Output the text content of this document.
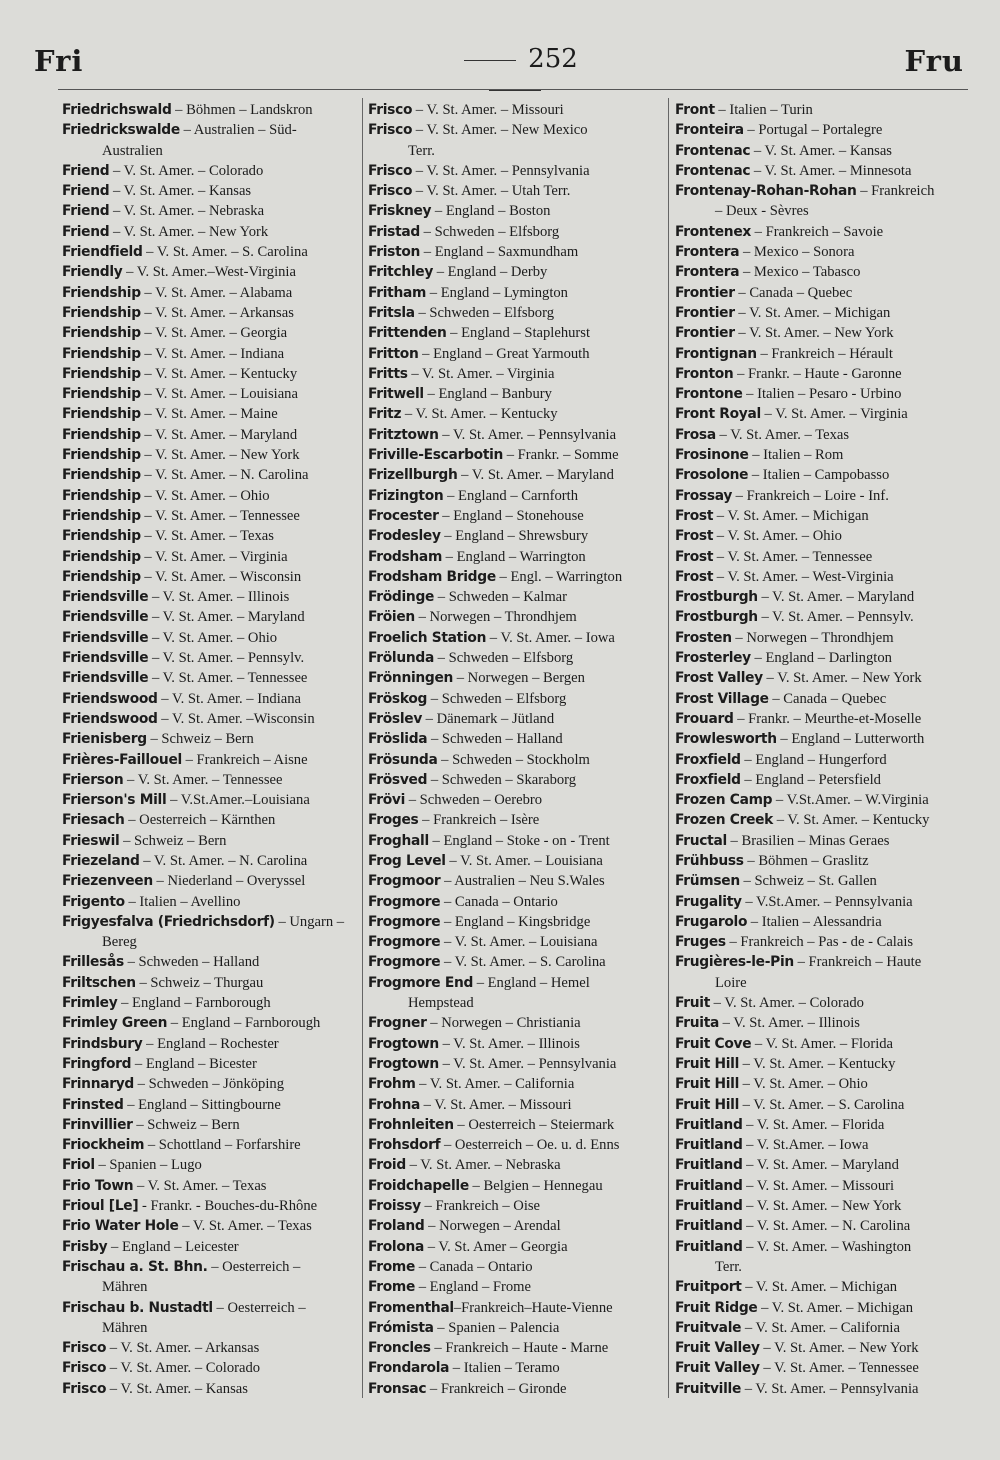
Fri	252	Fru

Friedrichswald – Böhmen – Landskron

Friedrickswalde – Australien – Süd-
Australien

Friend – V. St. Amer. – Colorado

Friend – V. St. Amer. – Kansas

Friend – V. St. Amer. – Nebraska

Friend – V. St. Amer. – New York

Friendfield – V. St. Amer. – S. Carolina

Friendly – V. St. Amer.–West-Virginia

Friendship – V. St. Amer. – Alabama

Friendship – V. St. Amer. – Arkansas

Friendship – V. St. Amer. – Georgia

Friendship – V. St. Amer. – Indiana

Friendship – V. St. Amer. – Kentucky

Friendship – V. St. Amer. – Louisiana

Friendship – V. St. Amer. – Maine

Friendship – V. St. Amer. – Maryland

Friendship – V. St. Amer. – New York

Friendship – V. St. Amer. – N. Carolina

Friendship – V. St. Amer. – Ohio

Friendship – V. St. Amer. – Tennessee

Friendship – V. St. Amer. – Texas

Friendship – V. St. Amer. – Virginia

Friendship – V. St. Amer. – Wisconsin

Friendsville – V. St. Amer. – Illinois

Friendsville – V. St. Amer. – Maryland

Friendsville – V. St. Amer. – Ohio

Friendsville – V. St. Amer. – Pennsylv.

Friendsville – V. St. Amer. – Tennessee

Friendswood – V. St. Amer. – Indiana

Friendswood – V. St. Amer. –Wisconsin

Frienisberg – Schweiz – Bern

Frières-Faillouel – Frankreich – Aisne

Frierson – V. St. Amer. – Tennessee

Frierson's Mill – V.St.Amer.–Louisiana

Friesach – Oesterreich – Kärnthen

Frieswil – Schweiz – Bern

Friezeland – V. St. Amer. – N. Carolina

Friezenveen – Niederland – Overyssel

Frigento – Italien – Avellino

Frigyesfalva (Friedrichsdorf) – Ungarn –
Bereg

Frillesås – Schweden – Halland

Friltschen – Schweiz – Thurgau

Frimley – England – Farnborough

Frimley Green – England – Farnborough

Frindsbury – England – Rochester

Fringford – England – Bicester

Frinnaryd – Schweden – Jönköping

Frinsted – England – Sittingbourne

Frinvillier – Schweiz – Bern

Friockheim – Schottland – Forfarshire

Friol – Spanien – Lugo

Frio Town – V. St. Amer. – Texas

Frioul [Le] - Frankr. - Bouches-du-Rhône

Frio Water Hole – V. St. Amer. – Texas

Frisby – England – Leicester

Frischau a. St. Bhn. – Oesterreich –
Mähren

Frischau b. Nustadtl – Oesterreich –
Mähren

Frisco – V. St. Amer. – Arkansas

Frisco – V. St. Amer. – Colorado

Frisco – V. St. Amer. – Kansas

Frisco – V. St. Amer. – Missouri

Frisco – V. St. Amer. – New Mexico
Terr.

Frisco – V. St. Amer. – Pennsylvania

Frisco – V. St. Amer. – Utah Terr.

Friskney – England – Boston

Fristad – Schweden – Elfsborg

Friston – England – Saxmundham

Fritchley – England – Derby

Fritham – England – Lymington

Fritsla – Schweden – Elfsborg

Frittenden – England – Staplehurst

Fritton – England – Great Yarmouth

Fritts – V. St. Amer. – Virginia

Fritwell – England – Banbury

Fritz – V. St. Amer. – Kentucky

Fritztown – V. St. Amer. – Pennsylvania

Friville-Escarbotin – Frankr. – Somme

Frizellburgh – V. St. Amer. – Maryland

Frizington – England – Carnforth

Frocester – England – Stonehouse

Frodesley – England – Shrewsbury

Frodsham – England – Warrington

Frodsham Bridge – Engl. – Warrington

Frödinge – Schweden – Kalmar

Fröien – Norwegen – Throndhjem

Froelich Station – V. St. Amer. – Iowa

Frölunda – Schweden – Elfsborg

Frönningen – Norwegen – Bergen

Fröskog – Schweden – Elfsborg

Fröslev – Dänemark – Jütland

Fröslida – Schweden – Halland

Frösunda – Schweden – Stockholm

Frösved – Schweden – Skaraborg

Frövi – Schweden – Oerebro

Froges – Frankreich – Isère

Froghall – England – Stoke - on - Trent

Frog Level – V. St. Amer. – Louisiana

Frogmoor – Australien – Neu S.Wales

Frogmore – Canada – Ontario

Frogmore – England – Kingsbridge

Frogmore – V. St. Amer. – Louisiana

Frogmore – V. St. Amer. – S. Carolina

Frogmore End – England – Hemel
Hempstead

Frogner – Norwegen – Christiania

Frogtown – V. St. Amer. – Illinois

Frogtown – V. St. Amer. – Pennsylvania

Frohm – V. St. Amer. – California

Frohna – V. St. Amer. – Missouri

Frohnleiten – Oesterreich – Steiermark

Frohsdorf – Oesterreich – Oe. u. d. Enns

Froid – V. St. Amer. – Nebraska

Froidchapelle – Belgien – Hennegau

Froissy – Frankreich – Oise

Froland – Norwegen – Arendal

Frolona – V. St. Amer – Georgia

Frome – Canada – Ontario

Frome – England – Frome

Fromenthal–Frankreich–Haute-Vienne

Frómista – Spanien – Palencia

Froncles – Frankreich – Haute - Marne

Frondarola – Italien – Teramo

Fronsac – Frankreich – Gironde

Front – Italien – Turin

Fronteira – Portugal – Portalegre

Frontenac – V. St. Amer. – Kansas

Frontenac – V. St. Amer. – Minnesota

Frontenay-Rohan-Rohan – Frankreich
– Deux - Sèvres

Frontenex – Frankreich – Savoie

Frontera – Mexico – Sonora

Frontera – Mexico – Tabasco

Frontier – Canada – Quebec

Frontier – V. St. Amer. – Michigan

Frontier – V. St. Amer. – New York

Frontignan – Frankreich – Hérault

Fronton – Frankr. – Haute - Garonne

Frontone – Italien – Pesaro - Urbino

Front Royal – V. St. Amer. – Virginia

Frosa – V. St. Amer. – Texas

Frosinone – Italien – Rom

Frosolone – Italien – Campobasso

Frossay – Frankreich – Loire - Inf.

Frost – V. St. Amer. – Michigan

Frost – V. St. Amer. – Ohio

Frost – V. St. Amer. – Tennessee

Frost – V. St. Amer. – West-Virginia

Frostburgh – V. St. Amer. – Maryland

Frostburgh – V. St. Amer. – Pennsylv.

Frosten – Norwegen – Throndhjem

Frosterley – England – Darlington

Frost Valley – V. St. Amer. – New York

Frost Village – Canada – Quebec

Frouard – Frankr. – Meurthe-et-Moselle

Frowlesworth – England – Lutterworth

Froxfield – England – Hungerford

Froxfield – England – Petersfield

Frozen Camp – V.St.Amer. – W.Virginia

Frozen Creek – V. St. Amer. – Kentucky

Fructal – Brasilien – Minas Geraes

Frühbuss – Böhmen – Graslitz

Frümsen – Schweiz – St. Gallen

Frugality – V.St.Amer. – Pennsylvania

Frugarolo – Italien – Alessandria

Fruges – Frankreich – Pas - de - Calais

Frugières-le-Pin – Frankreich – Haute
Loire

Fruit – V. St. Amer. – Colorado

Fruita – V. St. Amer. – Illinois

Fruit Cove – V. St. Amer. – Florida

Fruit Hill – V. St. Amer. – Kentucky

Fruit Hill – V. St. Amer. – Ohio

Fruit Hill – V. St. Amer. – S. Carolina

Fruitland – V. St. Amer. – Florida

Fruitland – V. St.Amer. – Iowa

Fruitland – V. St. Amer. – Maryland

Fruitland – V. St. Amer. – Missouri

Fruitland – V. St. Amer. – New York

Fruitland – V. St. Amer. – N. Carolina

Fruitland – V. St. Amer. – Washington
Terr.

Fruitport – V. St. Amer. – Michigan

Fruit Ridge – V. St. Amer. – Michigan

Fruitvale – V. St. Amer. – California

Fruit Valley – V. St. Amer. – New York

Fruit Valley – V. St. Amer. – Tennessee

Fruitville – V. St. Amer. – Pennsylvania
